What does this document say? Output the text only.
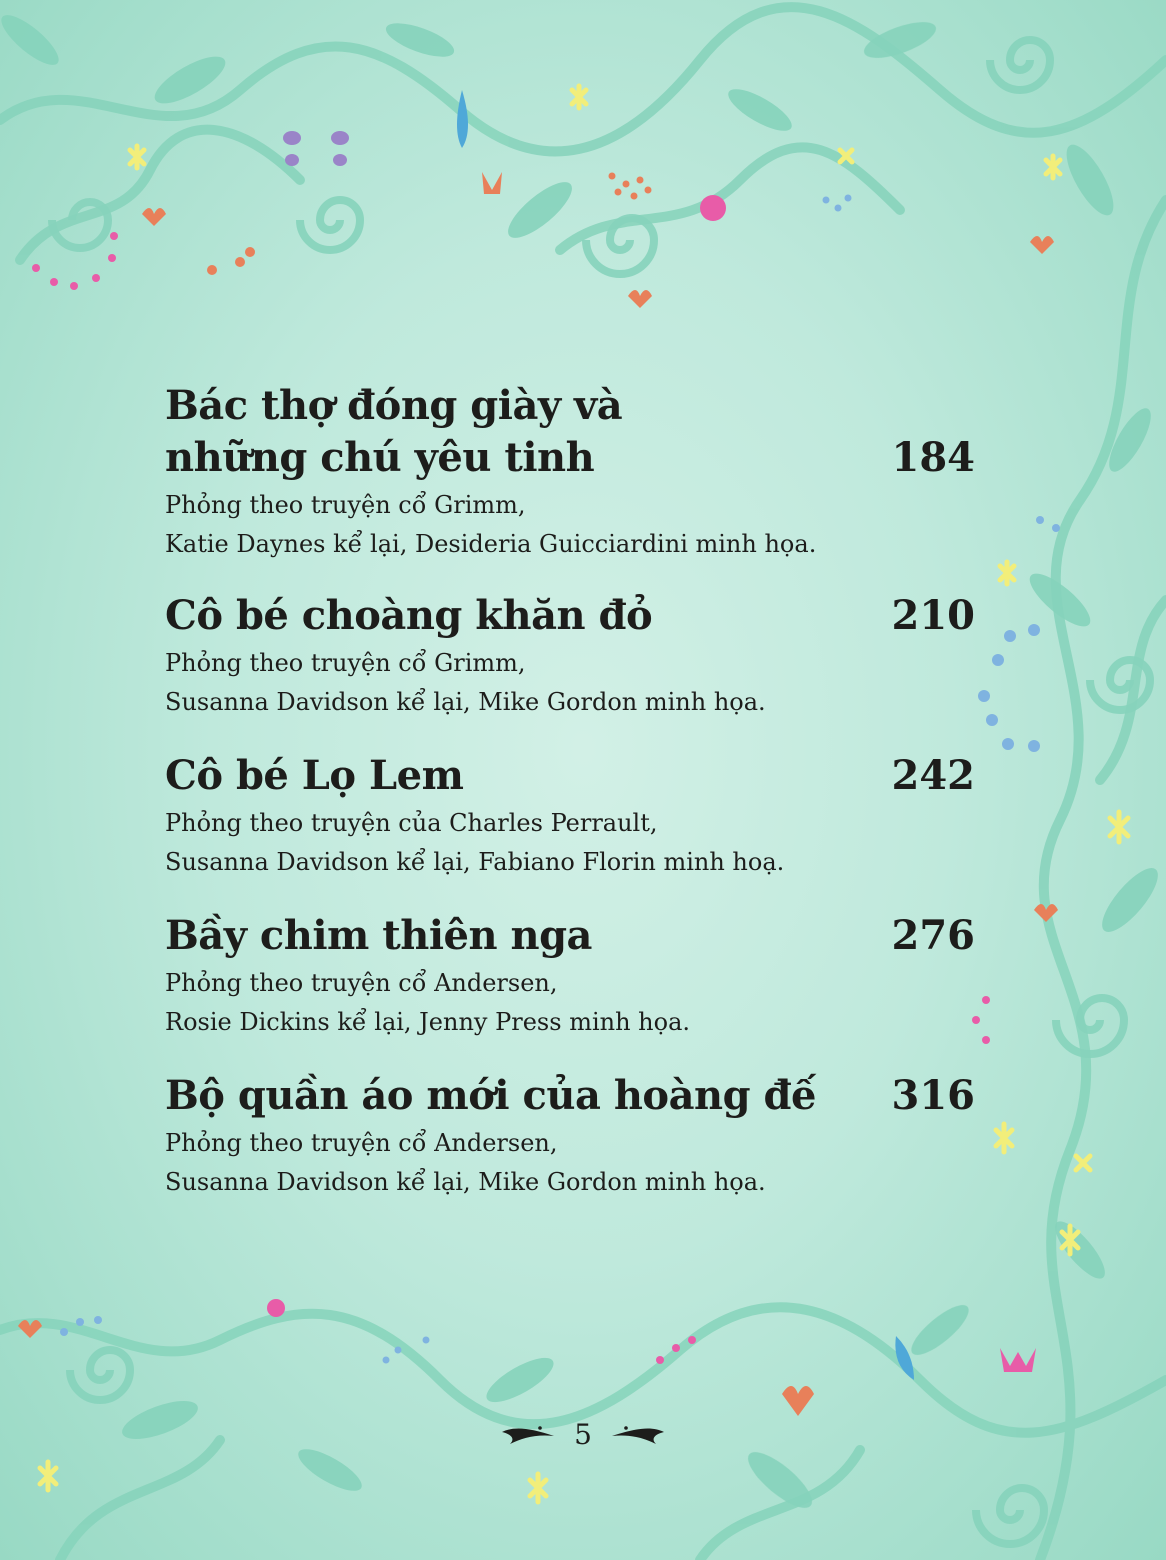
Bác thợ đóng giày và
những chú yêu tinh	184

Phỏng theo truyện cổ Grimm,
Katie Daynes kể lại, Desideria Guicciardini minh họa.

Cô bé choàng khăn đỏ	210

Phỏng theo truyện cổ Grimm,
Susanna Davidson kể lại, Mike Gordon minh họa.

Cô bé Lọ Lem	242

Phỏng theo truyện của Charles Perrault,
Susanna Davidson kể lại, Fabiano Florin minh hoạ.

Bầy chim thiên nga	276

Phỏng theo truyện cổ Andersen,
Rosie Dickins kể lại, Jenny Press minh họa.

Bộ quần áo mới của hoàng đế	316

Phỏng theo truyện cổ Andersen,
Susanna Davidson kể lại, Mike Gordon minh họa.

5
